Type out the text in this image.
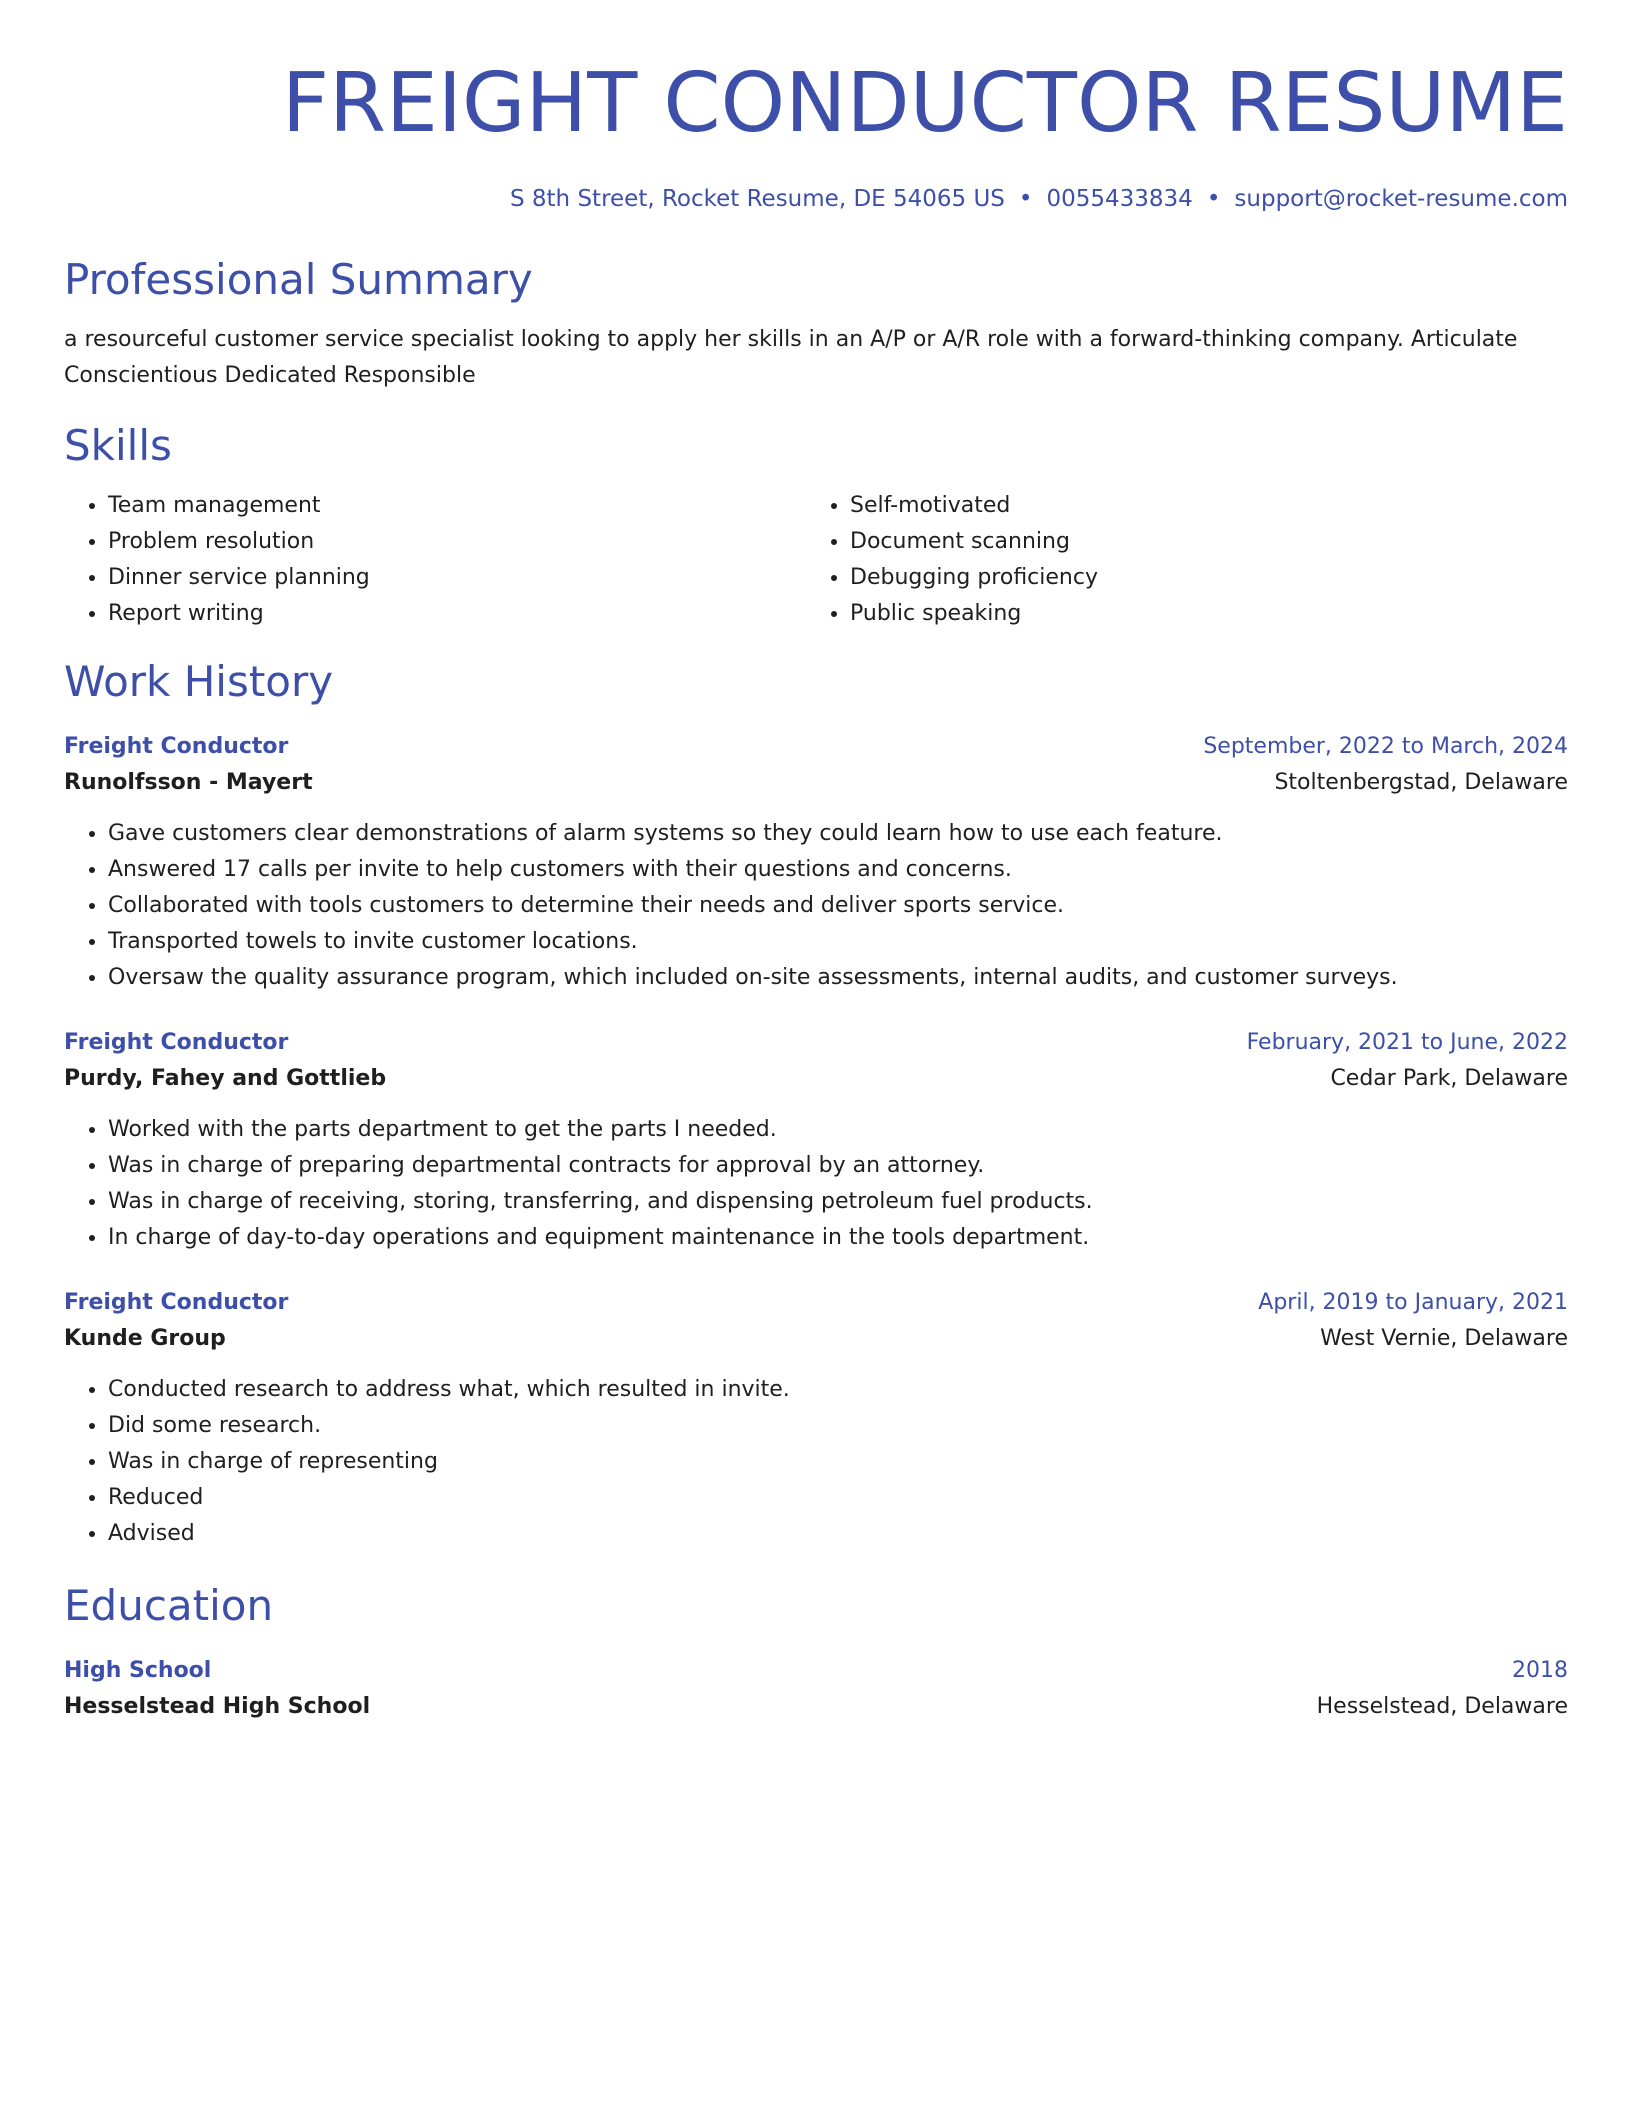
FREIGHT CONDUCTOR RESUME
S 8th Street, Rocket Resume, DE 54065 US • 0055433834 • support@rocket-resume.com
Professional Summary
a resourceful customer service specialist looking to apply her skills in an A/P or A/R role with a forward-thinking company. Articulate Conscientious Dedicated Responsible
Skills
• Team management
• Problem resolution
• Dinner service planning
• Report writing
• Self-motivated
• Document scanning
• Debugging proficiency
• Public speaking
Work History
Freight Conductor	September, 2022 to March, 2024
Runolfsson - Mayert	Stoltenbergstad, Delaware
• Gave customers clear demonstrations of alarm systems so they could learn how to use each feature.
• Answered 17 calls per invite to help customers with their questions and concerns.
• Collaborated with tools customers to determine their needs and deliver sports service.
• Transported towels to invite customer locations.
• Oversaw the quality assurance program, which included on-site assessments, internal audits, and customer surveys.
Freight Conductor	February, 2021 to June, 2022
Purdy, Fahey and Gottlieb	Cedar Park, Delaware
• Worked with the parts department to get the parts I needed.
• Was in charge of preparing departmental contracts for approval by an attorney.
• Was in charge of receiving, storing, transferring, and dispensing petroleum fuel products.
• In charge of day-to-day operations and equipment maintenance in the tools department.
Freight Conductor	April, 2019 to January, 2021
Kunde Group	West Vernie, Delaware
• Conducted research to address what, which resulted in invite.
• Did some research.
• Was in charge of representing
• Reduced
• Advised
Education
High School	2018
Hesselstead High School	Hesselstead, Delaware
